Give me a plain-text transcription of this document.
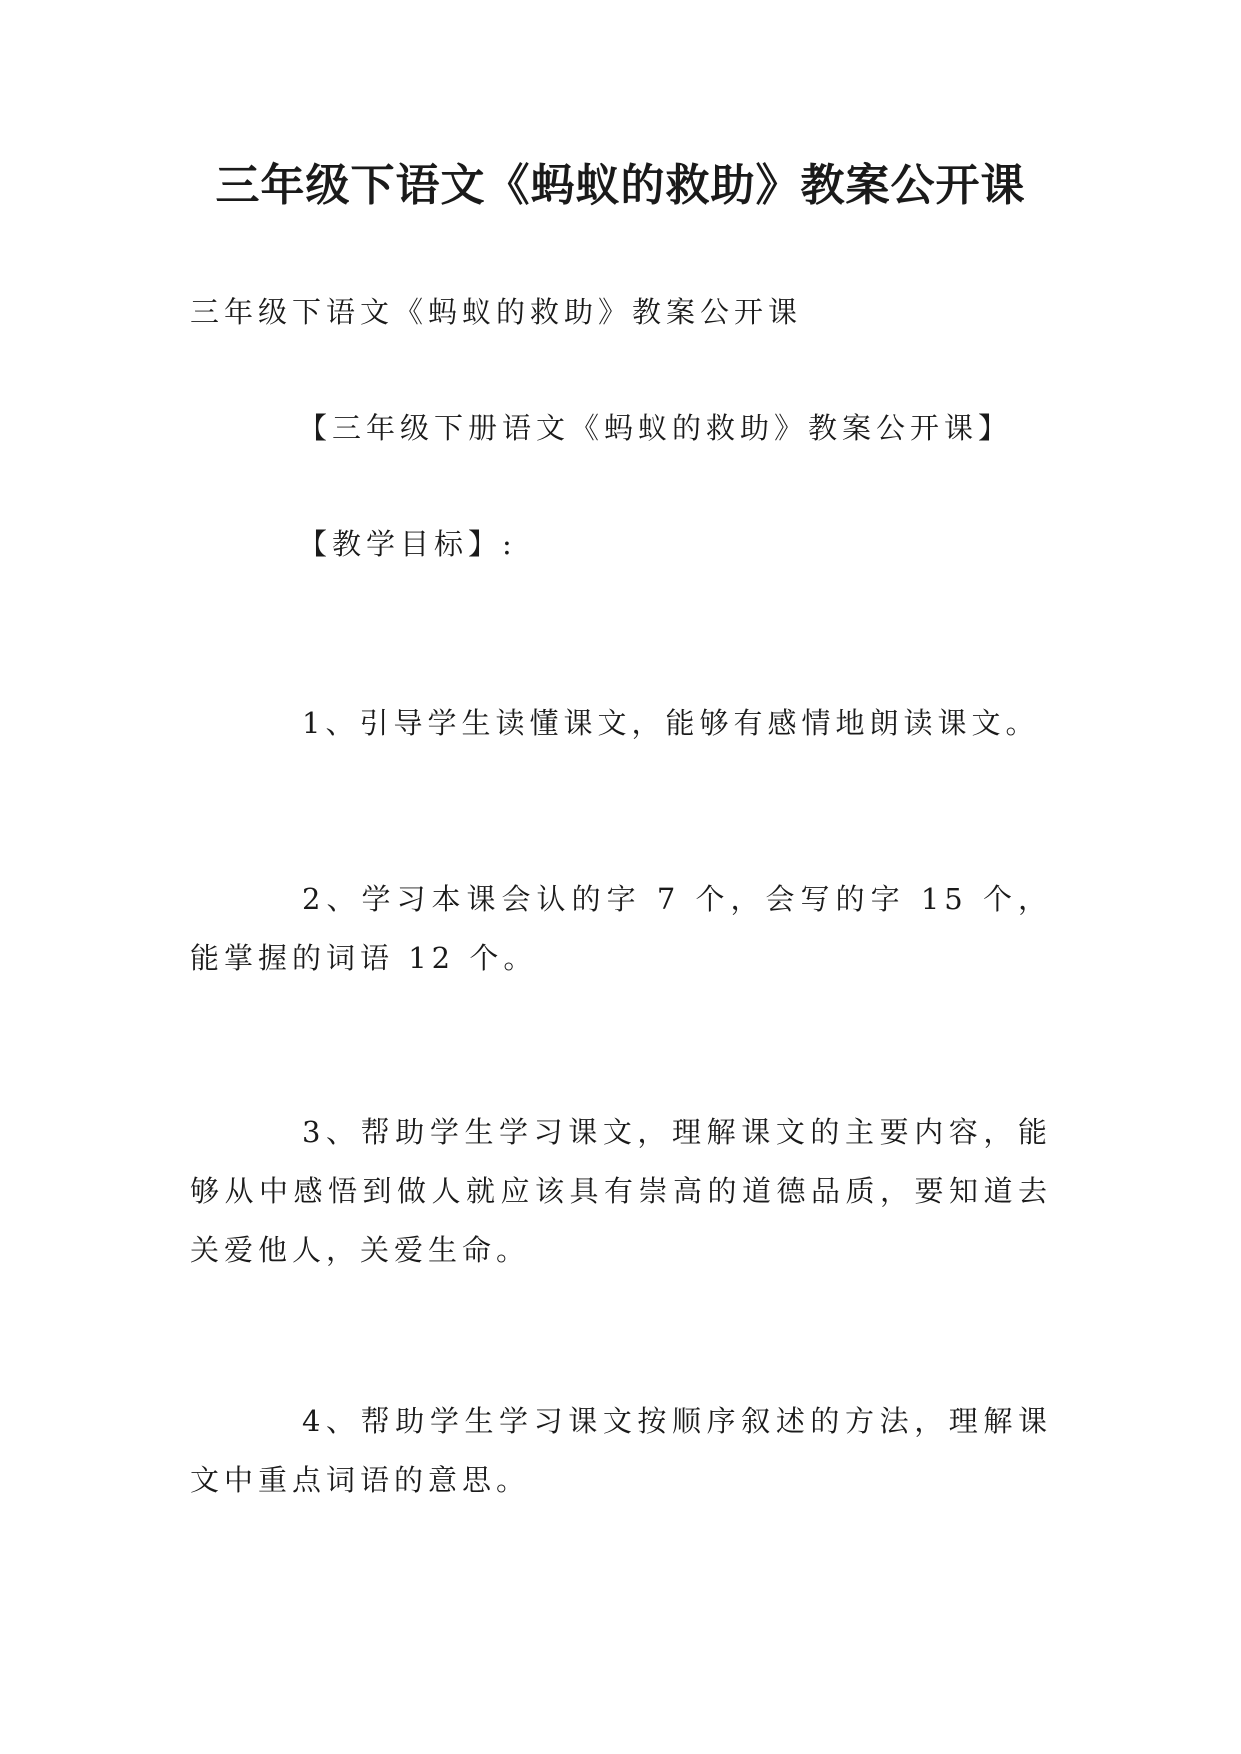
三年级下语文《蚂蚁的救助》教案公开课

三年级下语文《蚂蚁的救助》教案公开课

【三年级下册语文《蚂蚁的救助》教案公开课】

【教学目标】:

1、引导学生读懂课文，能够有感情地朗读课文。

2、学习本课会认的字 7 个，会写的字 15 个，能掌握的词语 12 个。

3、帮助学生学习课文，理解课文的主要内容，能够从中感悟到做人就应该具有崇高的道德品质，要知道去关爱他人，关爱生命。

4、帮助学生学习课文按顺序叙述的方法，理解课文中重点词语的意思。
